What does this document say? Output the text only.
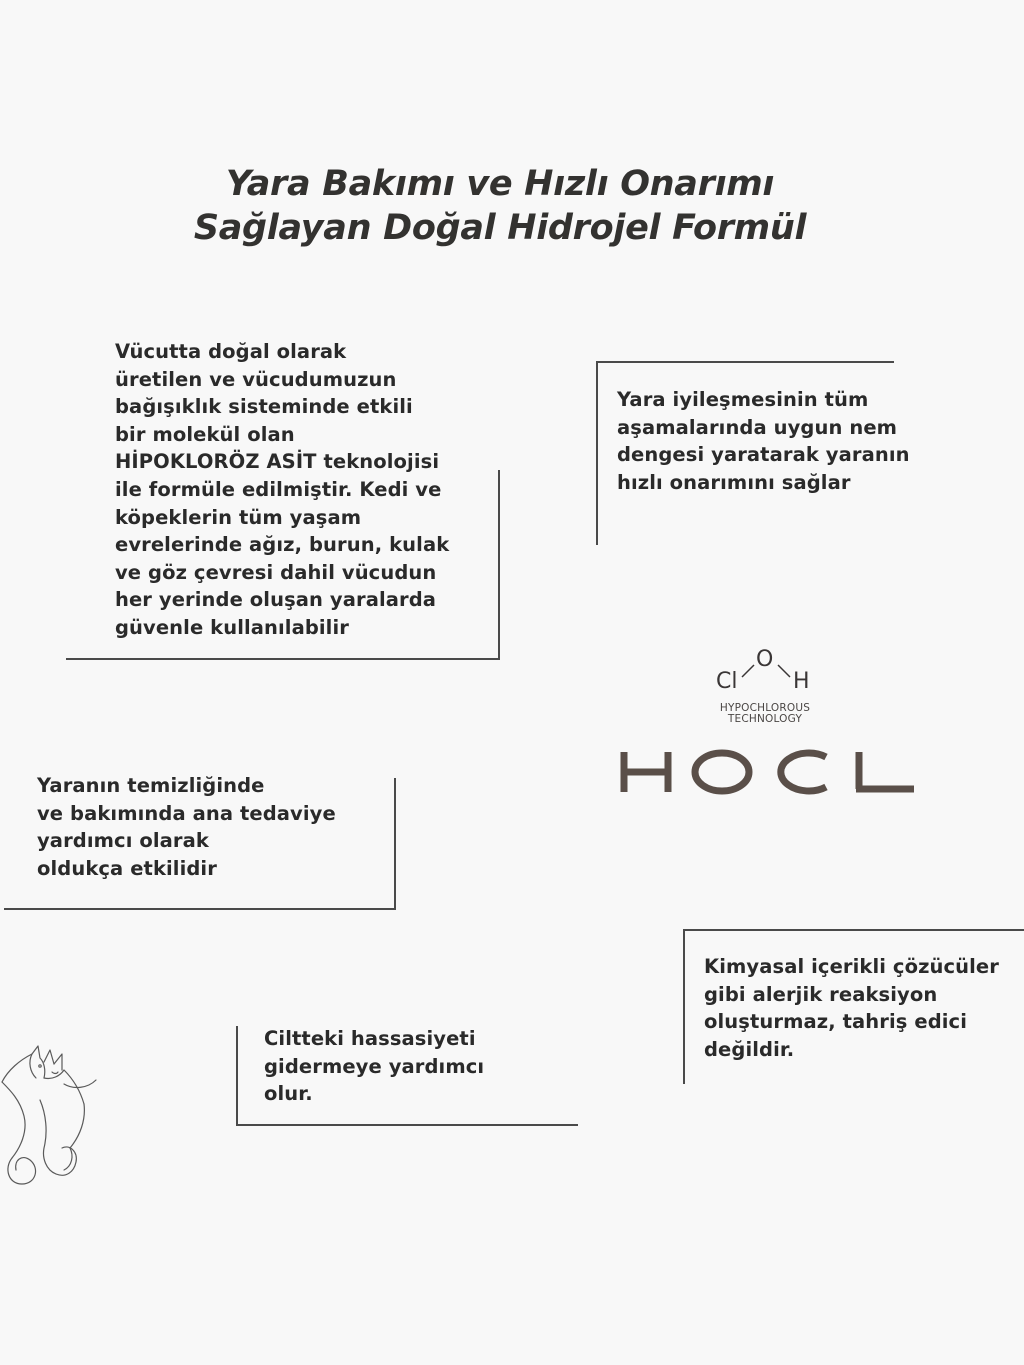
Yara Bakımı ve Hızlı Onarımı
Sağlayan Doğal Hidrojel Formül
Vücutta doğal olarak
üretilen ve vücudumuzun
bağışıklık sisteminde etkili
bir molekül olan
HİPOKLORÖZ ASİT teknolojisi
ile formüle edilmiştir. Kedi ve
köpeklerin tüm yaşam
evrelerinde ağız, burun, kulak
ve göz çevresi dahil vücudun
her yerinde oluşan yaralarda
güvenle kullanılabilir
Yara iyileşmesinin tüm
aşamalarında uygun nem
dengesi yaratarak yaranın
hızlı onarımını sağlar
Cl
O
H
HYPOCHLOROUS
TECHNOLOGY
Yaranın temizliğinde
ve bakımında ana tedaviye
yardımcı olarak
oldukça etkilidir
Kimyasal içerikli çözücüler
gibi alerjik reaksiyon
oluşturmaz, tahriş edici
değildir.
Ciltteki hassasiyeti
gidermeye yardımcı
olur.
